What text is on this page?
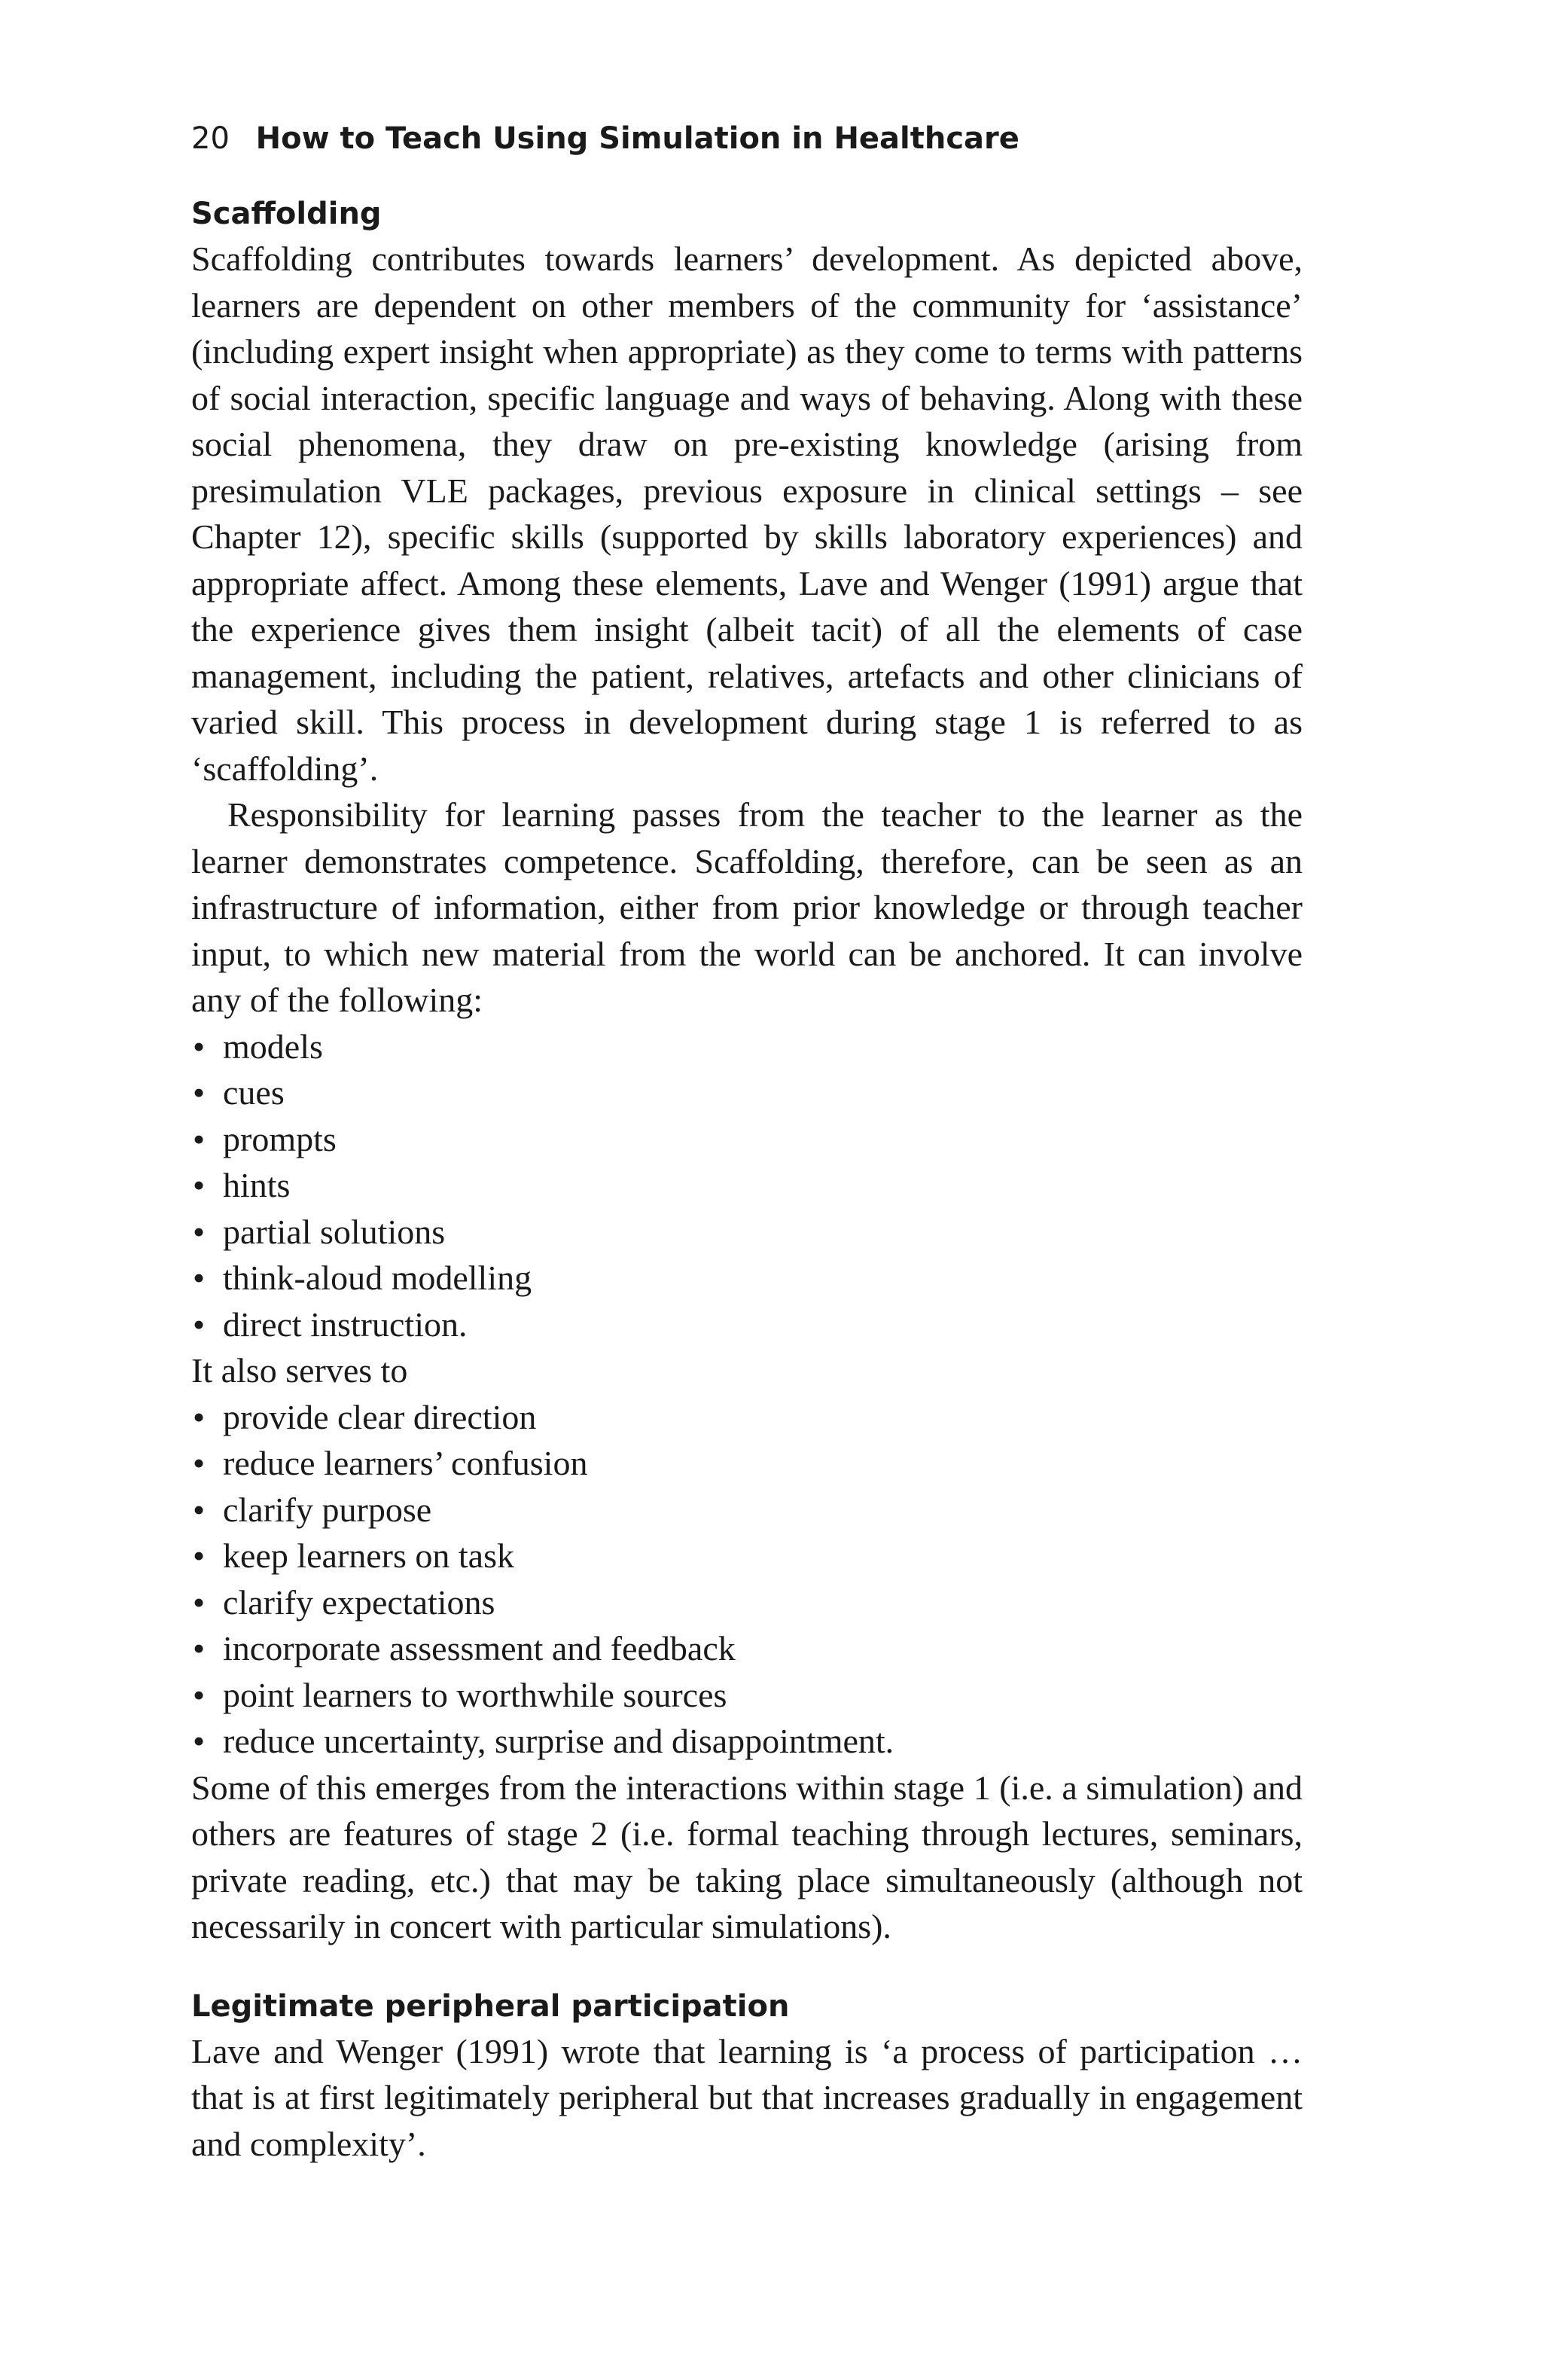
20 How to Teach Using Simulation in Healthcare
Scaffolding

Scaffolding contributes towards learners’ development. As depicted above, learners are dependent on other members of the community for ‘assistance’ (including expert insight when appropriate) as they come to terms with patterns of social interaction, specific language and ways of behaving. Along with these social phenomena, they draw on pre-existing knowledge (arising from presimulation VLE packages, previous exposure in clinical settings – see Chapter 12), specific skills (supported by skills laboratory experiences) and appropriate affect. Among these elements, Lave and Wenger (1991) argue that the experience gives them insight (albeit tacit) of all the elements of case management, including the patient, relatives, artefacts and other clinicians of varied skill. This process in development during stage 1 is referred to as ‘scaffolding’.

Responsibility for learning passes from the teacher to the learner as the learner demonstrates competence. Scaffolding, therefore, can be seen as an infrastructure of information, either from prior knowledge or through teacher input, to which new material from the world can be anchored. It can involve any of the following:

• models
• cues
• prompts
• hints
• partial solutions
• think-aloud modelling
• direct instruction.

It also serves to

• provide clear direction
• reduce learners’ confusion
• clarify purpose
• keep learners on task
• clarify expectations
• incorporate assessment and feedback
• point learners to worthwhile sources
• reduce uncertainty, surprise and disappointment.

Some of this emerges from the interactions within stage 1 (i.e. a simulation) and others are features of stage 2 (i.e. formal teaching through lectures, seminars, private reading, etc.) that may be taking place simultaneously (although not necessarily in concert with particular simulations).

Legitimate peripheral participation

Lave and Wenger (1991) wrote that learning is ‘a process of participation … that is at first legitimately peripheral but that increases gradually in engagement and complexity’.
